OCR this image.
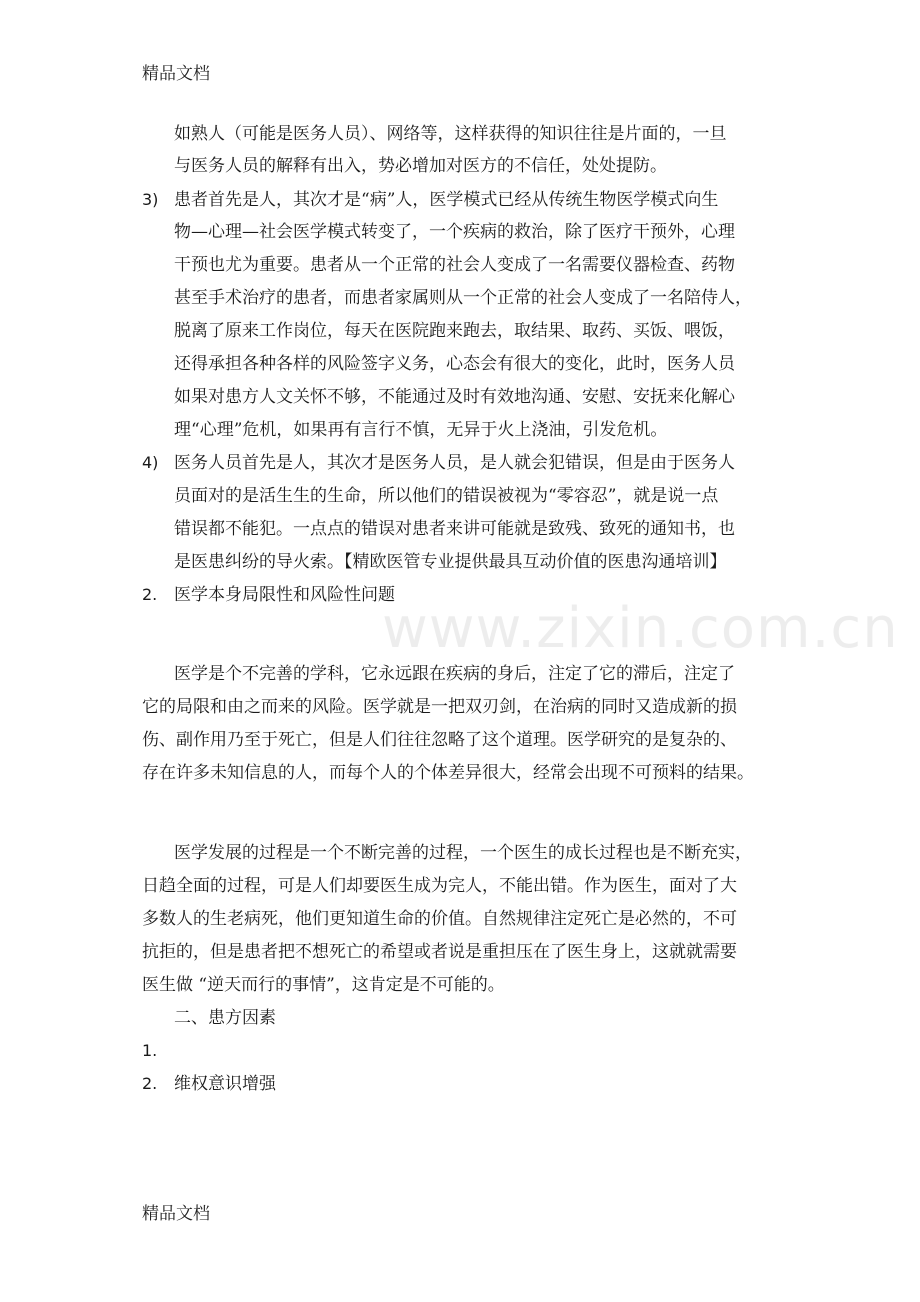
精品文档
www.zixin.com.cn
如熟人（可能是医务人员）、网络等，这样获得的知识往往是片面的，一旦
与医务人员的解释有出入，势必增加对医方的不信任，处处提防。
3) 患者首先是人，其次才是“病”人，医学模式已经从传统生物医学模式向生
物—心理—社会医学模式转变了，一个疾病的救治，除了医疗干预外，心理
干预也尤为重要。患者从一个正常的社会人变成了一名需要仪器检查、药物
甚至手术治疗的患者，而患者家属则从一个正常的社会人变成了一名陪侍人，
脱离了原来工作岗位，每天在医院跑来跑去，取结果、取药、买饭、喂饭，
还得承担各种各样的风险签字义务，心态会有很大的变化，此时，医务人员
如果对患方人文关怀不够，不能通过及时有效地沟通、安慰、安抚来化解心
理“心理”危机，如果再有言行不慎，无异于火上浇油，引发危机。
4) 医务人员首先是人，其次才是医务人员，是人就会犯错误，但是由于医务人
员面对的是活生生的生命，所以他们的错误被视为“零容忍”，就是说一点
错误都不能犯。一点点的错误对患者来讲可能就是致残、致死的通知书，也
是医患纠纷的导火索。【精欧医管专业提供最具互动价值的医患沟通培训】
2. 医学本身局限性和风险性问题
医学是个不完善的学科，它永远跟在疾病的身后，注定了它的滞后，注定了
它的局限和由之而来的风险。医学就是一把双刃剑，在治病的同时又造成新的损
伤、副作用乃至于死亡，但是人们往往忽略了这个道理。医学研究的是复杂的、
存在许多未知信息的人，而每个人的个体差异很大，经常会出现不可预料的结果。
医学发展的过程是一个不断完善的过程，一个医生的成长过程也是不断充实，
日趋全面的过程，可是人们却要医生成为完人，不能出错。作为医生，面对了大
多数人的生老病死，他们更知道生命的价值。自然规律注定死亡是必然的，不可
抗拒的，但是患者把不想死亡的希望或者说是重担压在了医生身上，这就就需要
医生做 “逆天而行的事情”，这肯定是不可能的。
二、患方因素
1.
2. 维权意识增强
精品文档
